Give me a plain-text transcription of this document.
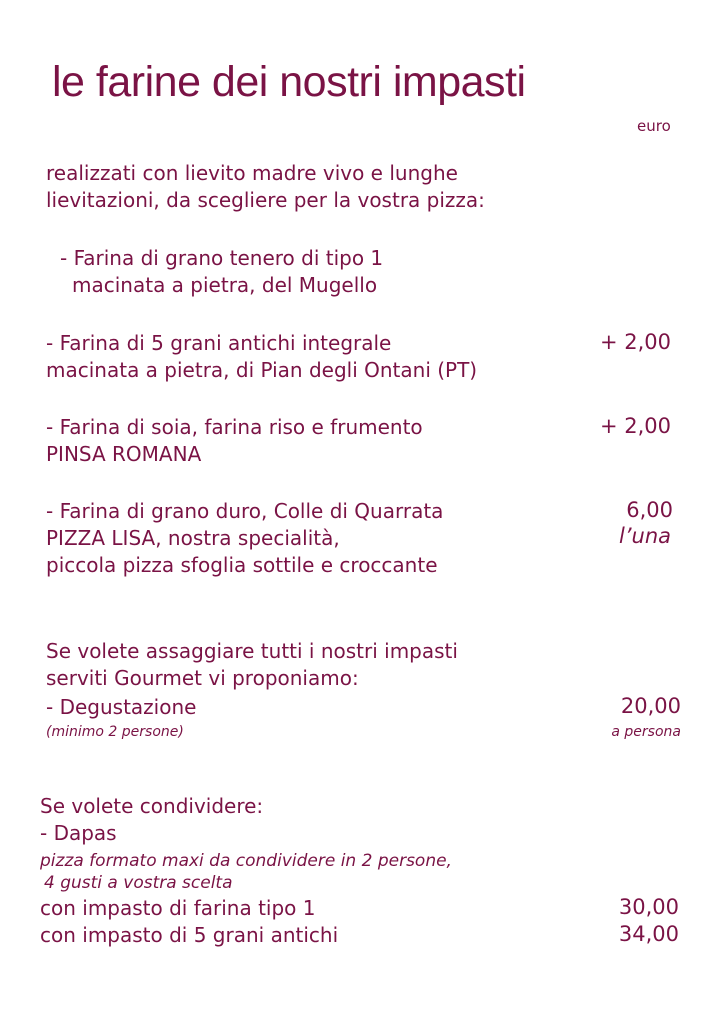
le farine dei nostri impasti
euro
realizzati con lievito madre vivo e lunghe
lievitazioni, da scegliere per la vostra pizza:
- Farina di grano tenero di tipo 1
macinata a pietra, del Mugello
- Farina di 5 grani antichi integrale
macinata a pietra, di Pian degli Ontani (PT)
+ 2,00
- Farina di soia, farina riso e frumento
PINSA ROMANA
+ 2,00
- Farina di grano duro, Colle di Quarrata
PIZZA LISA, nostra specialità,
piccola pizza sfoglia sottile e croccante
6,00
l’una
Se volete assaggiare tutti i nostri impasti
serviti Gourmet vi proponiamo:
- Degustazione
(minimo 2 persone)
20,00
a persona
Se volete condividere:
- Dapas
pizza formato maxi da condividere in 2 persone,
4 gusti a vostra scelta
con impasto di farina tipo 1	30,00
con impasto di 5 grani antichi	34,00
